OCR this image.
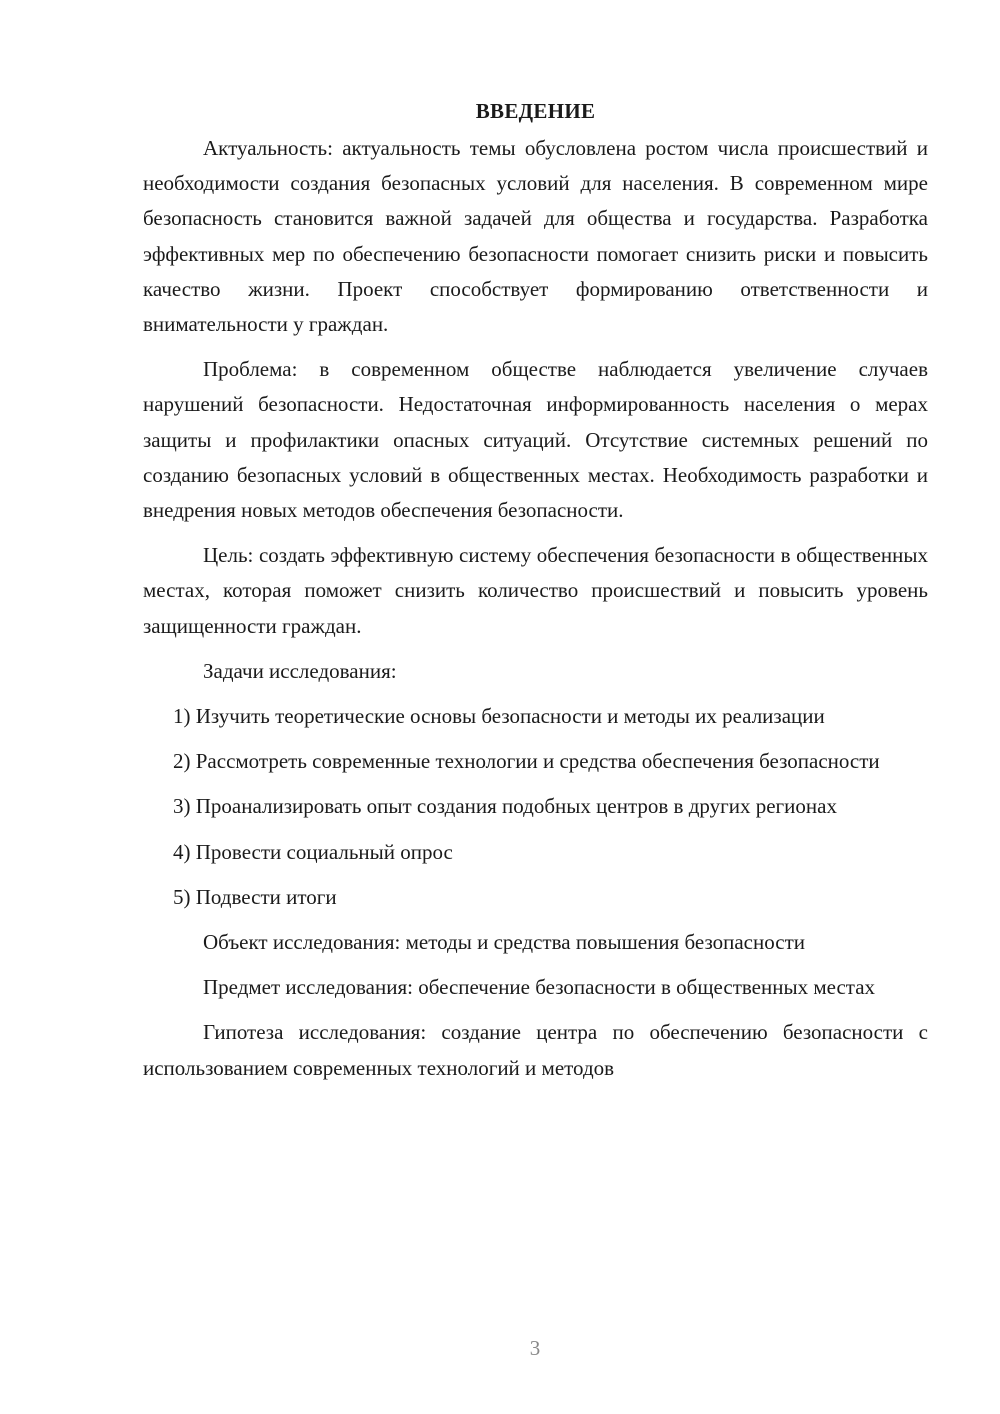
ВВЕДЕНИЕ

Актуальность: актуальность темы обусловлена ростом числа происшествий и необходимости создания безопасных условий для населения. В современном мире безопасность становится важной задачей для общества и государства. Разработка эффективных мер по обеспечению безопасности помогает снизить риски и повысить качество жизни. Проект способствует формированию ответственности и внимательности у граждан.

Проблема: в современном обществе наблюдается увеличение случаев нарушений безопасности. Недостаточная информированность населения о мерах защиты и профилактики опасных ситуаций. Отсутствие системных решений по созданию безопасных условий в общественных местах. Необходимость разработки и внедрения новых методов обеспечения безопасности.

Цель: создать эффективную систему обеспечения безопасности в общественных местах, которая поможет снизить количество происшествий и повысить уровень защищенности граждан.

Задачи исследования:

1) Изучить теоретические основы безопасности и методы их реализации

2) Рассмотреть современные технологии и средства обеспечения безопасности

3) Проанализировать опыт создания подобных центров в других регионах

4) Провести социальный опрос

5) Подвести итоги

Объект исследования: методы и средства повышения безопасности

Предмет исследования: обеспечение безопасности в общественных местах

Гипотеза исследования: создание центра по обеспечению безопасности с использованием современных технологий и методов

3
